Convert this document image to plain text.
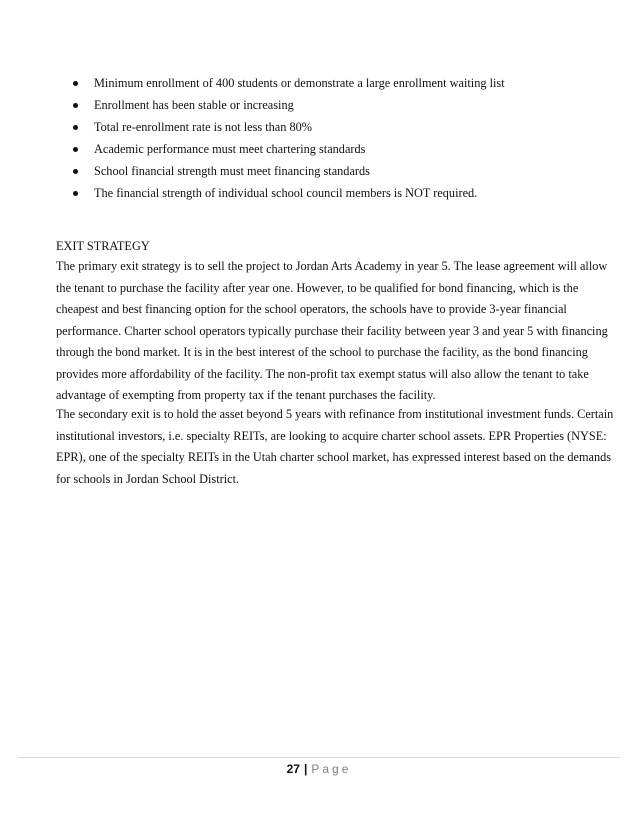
Minimum enrollment of 400 students or demonstrate a large enrollment waiting list
Enrollment has been stable or increasing
Total re-enrollment rate is not less than 80%
Academic performance must meet chartering standards
School financial strength must meet financing standards
The financial strength of individual school council members is NOT required.
EXIT STRATEGY
The primary exit strategy is to sell the project to Jordan Arts Academy in year 5. The lease agreement will allow
the tenant to purchase the facility after year one. However, to be qualified for bond financing, which is the
cheapest and best financing option for the school operators, the schools have to provide 3-year financial
performance. Charter school operators typically purchase their facility between year 3 and year 5 with financing
through the bond market. It is in the best interest of the school to purchase the facility, as the bond financing
provides more affordability of the facility. The non-profit tax exempt status will also allow the tenant to take
advantage of exempting from property tax if the tenant purchases the facility.
The secondary exit is to hold the asset beyond 5 years with refinance from institutional investment funds. Certain
institutional investors, i.e. specialty REITs, are looking to acquire charter school assets. EPR Properties (NYSE:
EPR), one of the specialty REITs in the Utah charter school market, has expressed interest based on the demands
for schools in Jordan School District.
27 | Page
